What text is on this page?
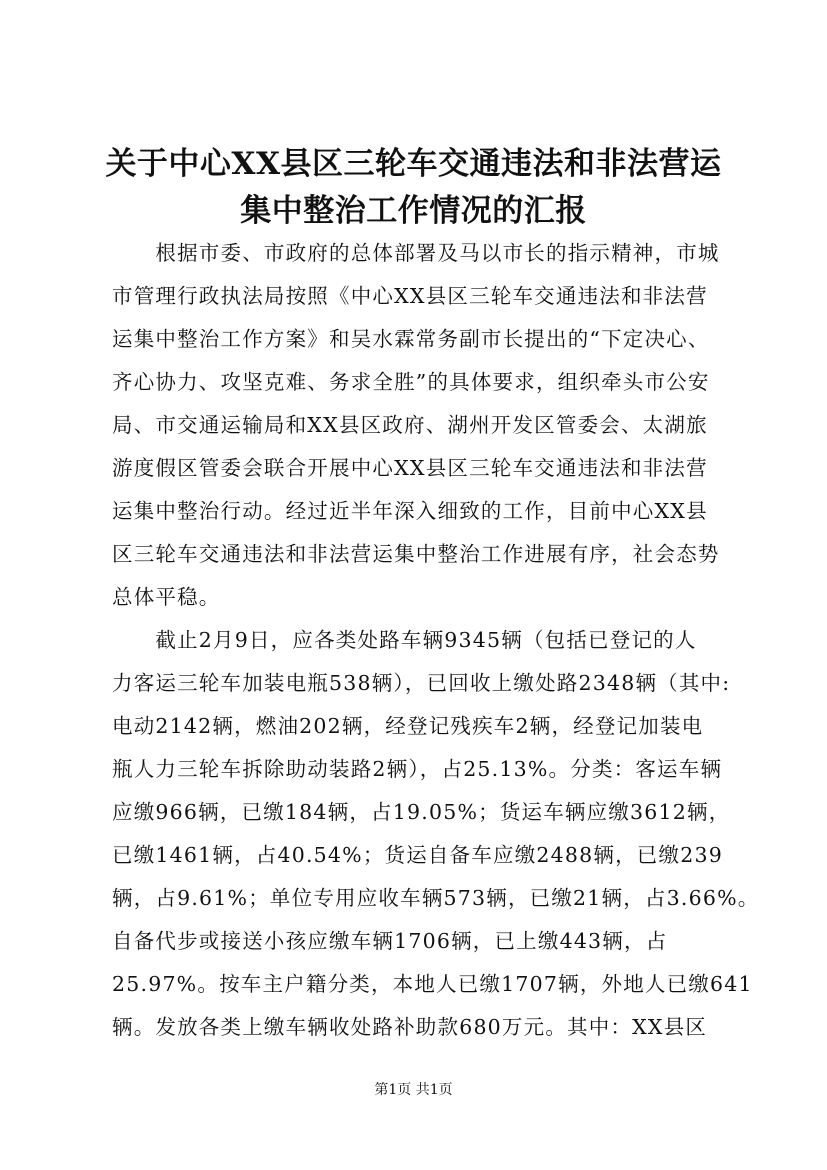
关于中心XX县区三轮车交通违法和非法营运
集中整治工作情况的汇报
　　根据市委、市政府的总体部署及马以市长的指示精神，市城
市管理行政执法局按照《中心XX县区三轮车交通违法和非法营
运集中整治工作方案》和吴水霖常务副市长提出的“下定决心、
齐心协力、攻坚克难、务求全胜”的具体要求，组织牵头市公安
局、市交通运输局和XX县区政府、湖州开发区管委会、太湖旅
游度假区管委会联合开展中心XX县区三轮车交通违法和非法营
运集中整治行动。经过近半年深入细致的工作，目前中心XX县
区三轮车交通违法和非法营运集中整治工作进展有序，社会态势
总体平稳。
　　截止2月9日，应各类处路车辆9345辆（包括已登记的人
力客运三轮车加装电瓶538辆），已回收上缴处路2348辆（其中:
电动2142辆，燃油202辆，经登记残疾车2辆，经登记加装电
瓶人力三轮车拆除助动装路2辆），占25.13%。分类：客运车辆
应缴966辆，已缴184辆，占19.05%；货运车辆应缴3612辆，
已缴1461辆，占40.54%；货运自备车应缴2488辆，已缴239
辆，占9.61%；单位专用应收车辆573辆，已缴21辆，占3.66%。
自备代步或接送小孩应缴车辆1706辆，已上缴443辆，占
25.97%。按车主户籍分类，本地人已缴1707辆，外地人已缴641
辆。发放各类上缴车辆收处路补助款680万元。其中：XX县区
第1页 共1页
